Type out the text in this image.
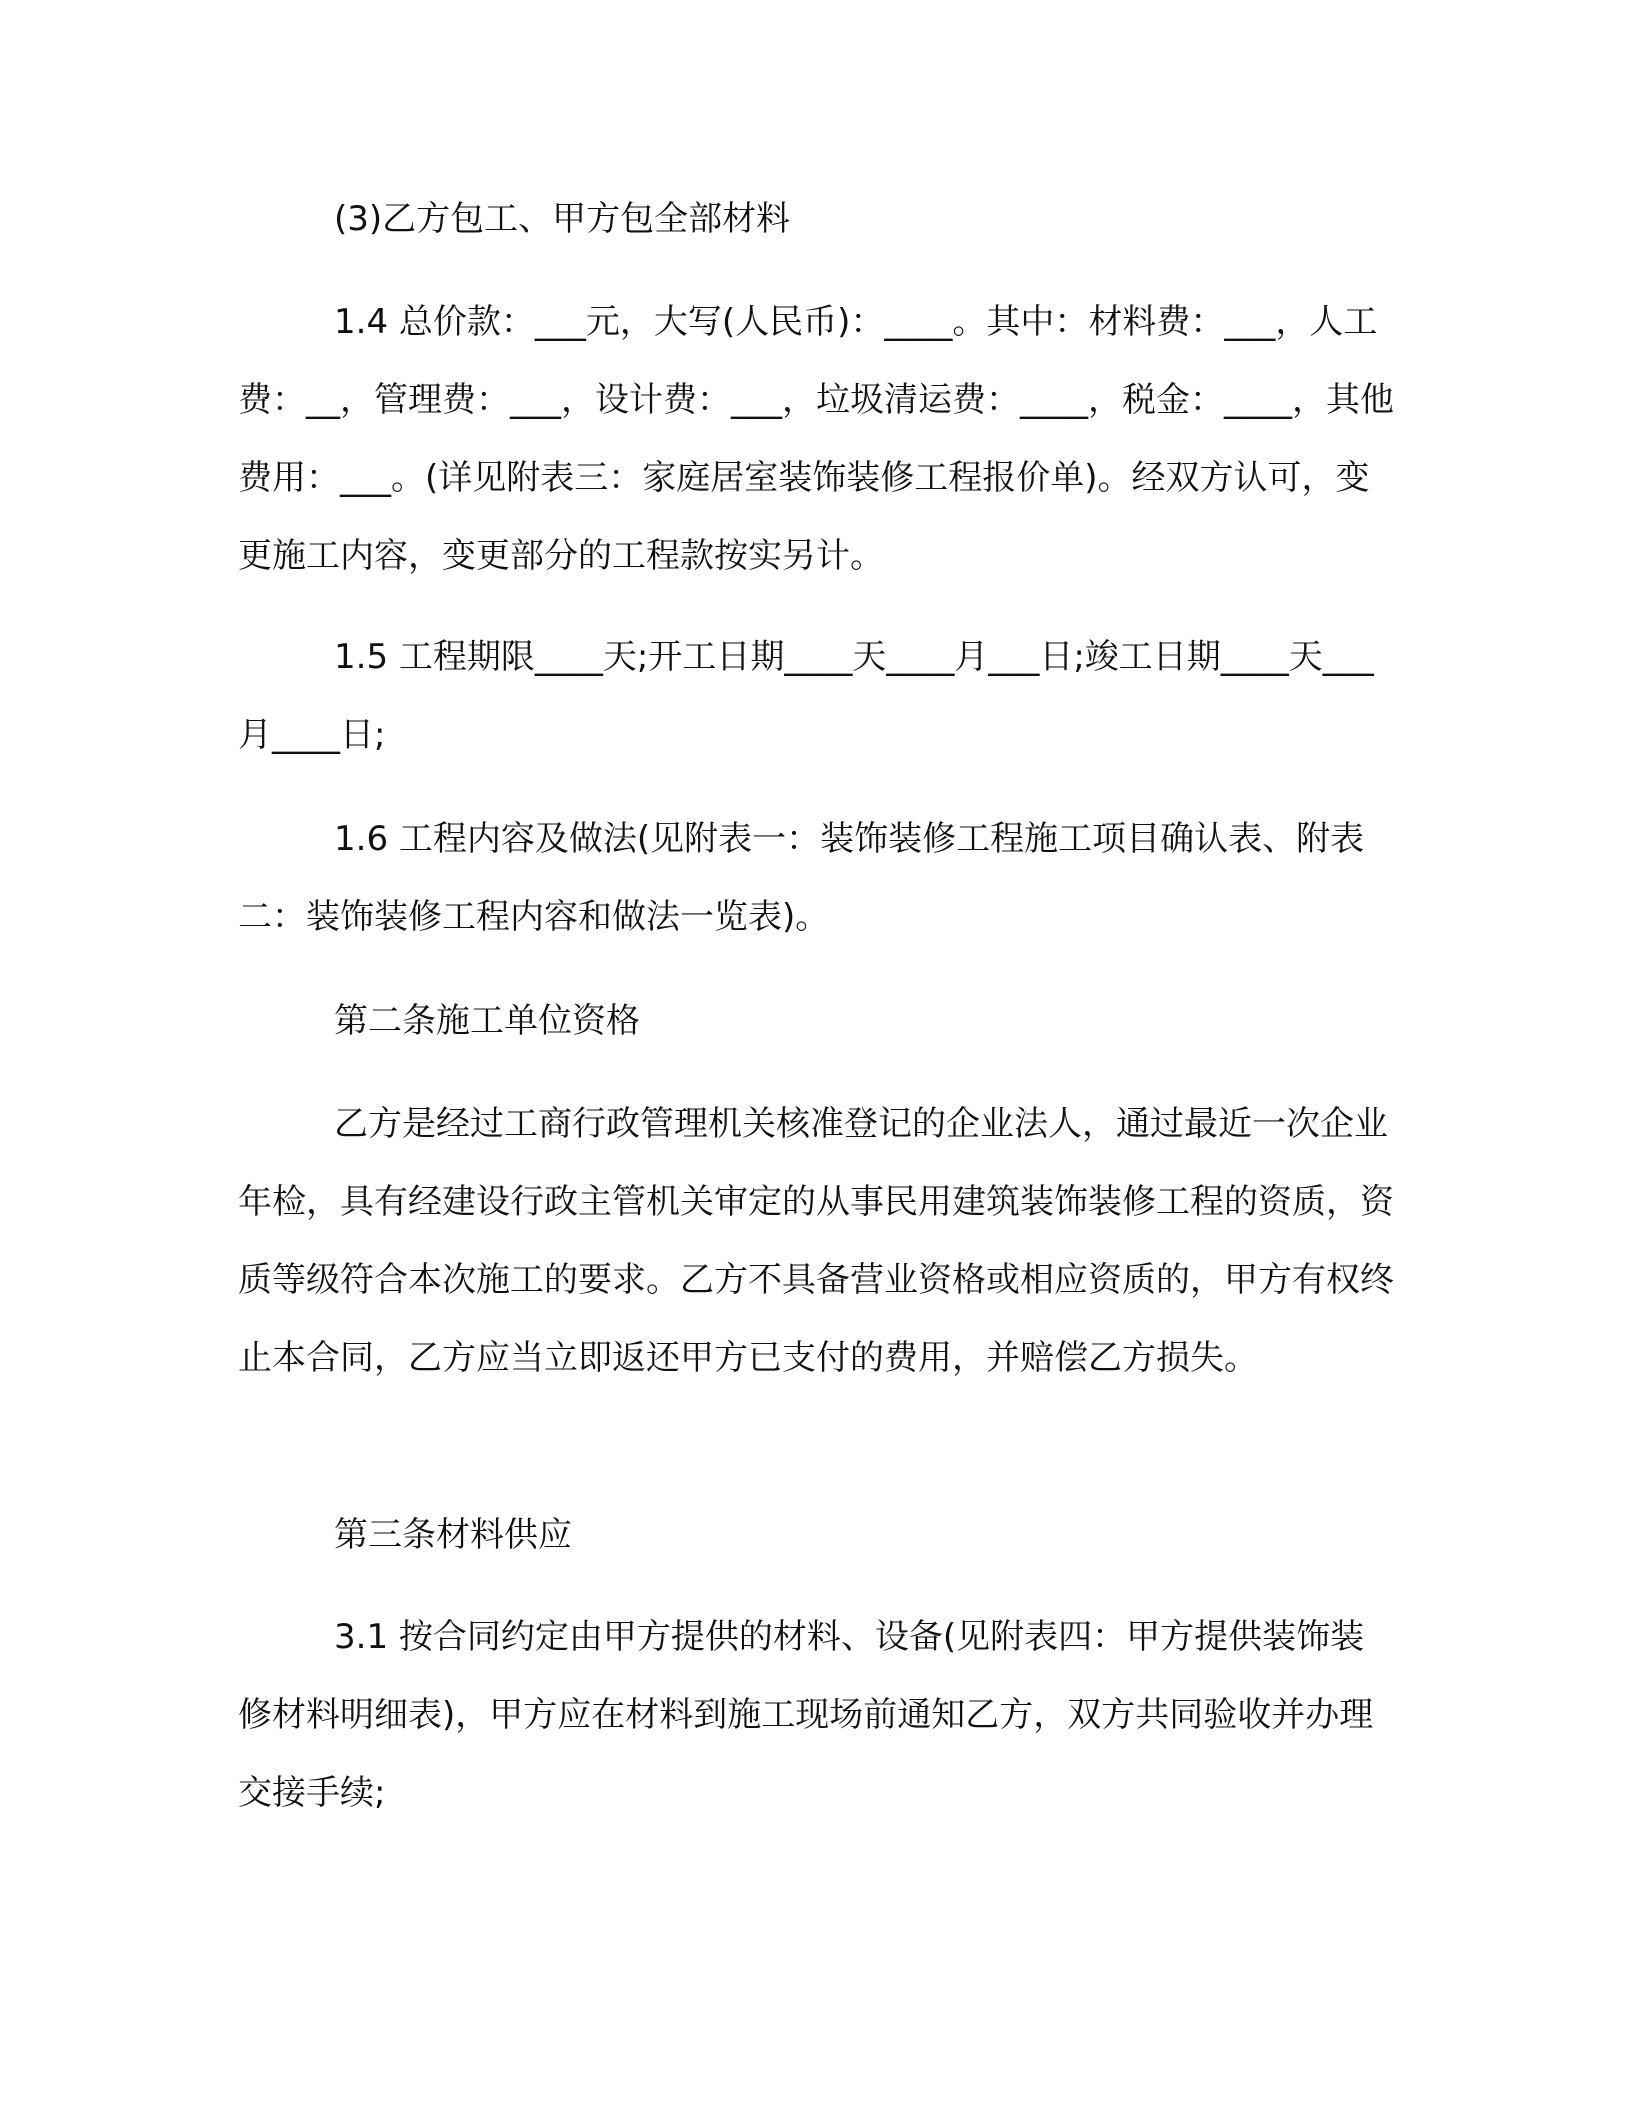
(3)乙方包工、甲方包全部材料

1.4 总价款：___元，大写(人民币)：____。其中：材料费：___，人工费：__，管理费：___，设计费：___，垃圾清运费：____，税金：____，其他费用：___。(详见附表三：家庭居室装饰装修工程报价单)。经双方认可，变更施工内容，变更部分的工程款按实另计。

1.5 工程期限____天;开工日期____天____月___日;竣工日期____天___月____日;

1.6 工程内容及做法(见附表一：装饰装修工程施工项目确认表、附表二：装饰装修工程内容和做法一览表)。

第二条施工单位资格

乙方是经过工商行政管理机关核准登记的企业法人，通过最近一次企业年检，具有经建设行政主管机关审定的从事民用建筑装饰装修工程的资质，资质等级符合本次施工的要求。乙方不具备营业资格或相应资质的，甲方有权终止本合同，乙方应当立即返还甲方已支付的费用，并赔偿乙方损失。

第三条材料供应

3.1 按合同约定由甲方提供的材料、设备(见附表四：甲方提供装饰装修材料明细表)，甲方应在材料到施工现场前通知乙方，双方共同验收并办理交接手续;
